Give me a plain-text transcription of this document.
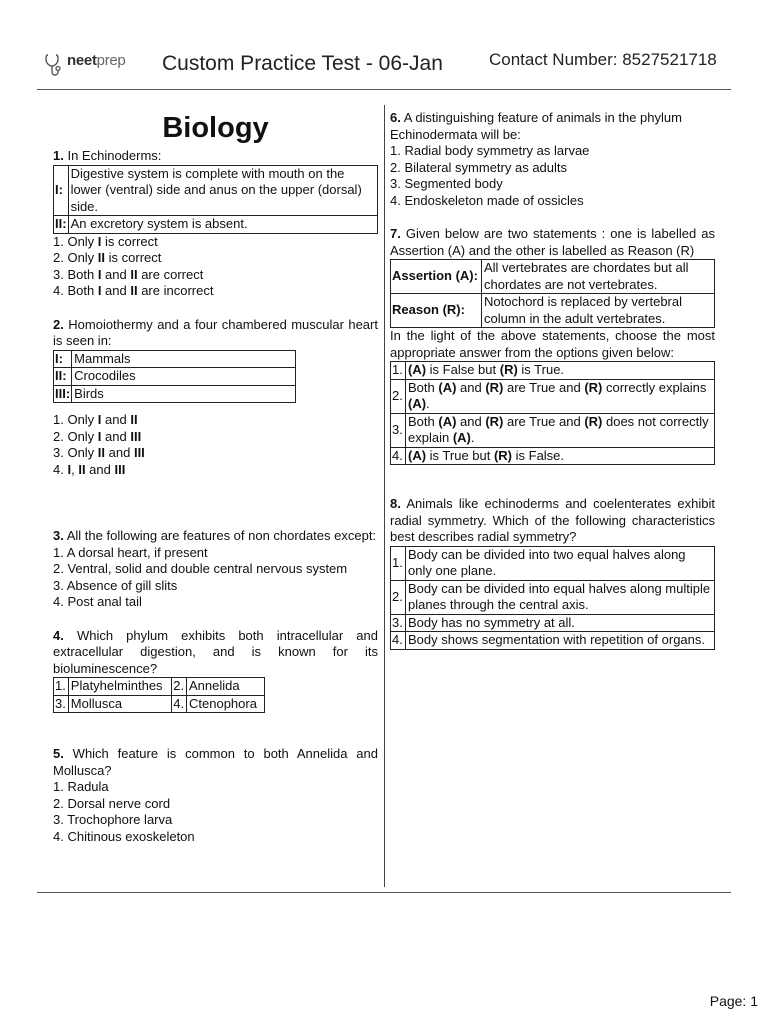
neetprep Custom Practice Test - 06-Jan	Contact Number: 8527521718
Biology

1. In Echinoderms:

I:	Digestive system is complete with mouth on the lower (ventral) side and anus on the upper (dorsal) side.
II:	An excretory system is absent.

1. Only I is correct

2. Only II is correct

3. Both I and II are correct

4. Both I and II are incorrect

2. Homoiothermy and a four chambered muscular heart is seen in:

I:	Mammals
II:	Crocodiles
III:	Birds

1. Only I and II

2. Only I and III

3. Only II and III

4. I, II and III

3. All the following are features of non chordates except:

1. A dorsal heart, if present

2. Ventral, solid and double central nervous system

3. Absence of gill slits

4. Post anal tail

4. Which phylum exhibits both intracellular and extracellular digestion, and is known for its bioluminescence?

1.	Platyhelminthes	2.	Annelida
3.	Mollusca	4.	Ctenophora

5. Which feature is common to both Annelida and Mollusca?

1. Radula

2. Dorsal nerve cord

3. Trochophore larva

4. Chitinous exoskeleton

6. A distinguishing feature of animals in the phylum Echinodermata will be:

1. Radial body symmetry as larvae

2. Bilateral symmetry as adults

3. Segmented body

4. Endoskeleton made of ossicles

7. Given below are two statements : one is labelled as Assertion (A) and the other is labelled as Reason (R)

Assertion (A):	All vertebrates are chordates but all chordates are not vertebrates.
Reason (R):	Notochord is replaced by vertebral column in the adult vertebrates.

In the light of the above statements, choose the most appropriate answer from the options given below:

1.	(A) is False but (R) is True.
2.	Both (A) and (R) are True and (R) correctly explains (A).
3.	Both (A) and (R) are True and (R) does not correctly explain (A).
4.	(A) is True but (R) is False.

8. Animals like echinoderms and coelenterates exhibit radial symmetry. Which of the following characteristics best describes radial symmetry?

1.	Body can be divided into two equal halves along only one plane.
2.	Body can be divided into equal halves along multiple planes through the central axis.
3.	Body has no symmetry at all.
4.	Body shows segmentation with repetition of organs.
Page: 1
